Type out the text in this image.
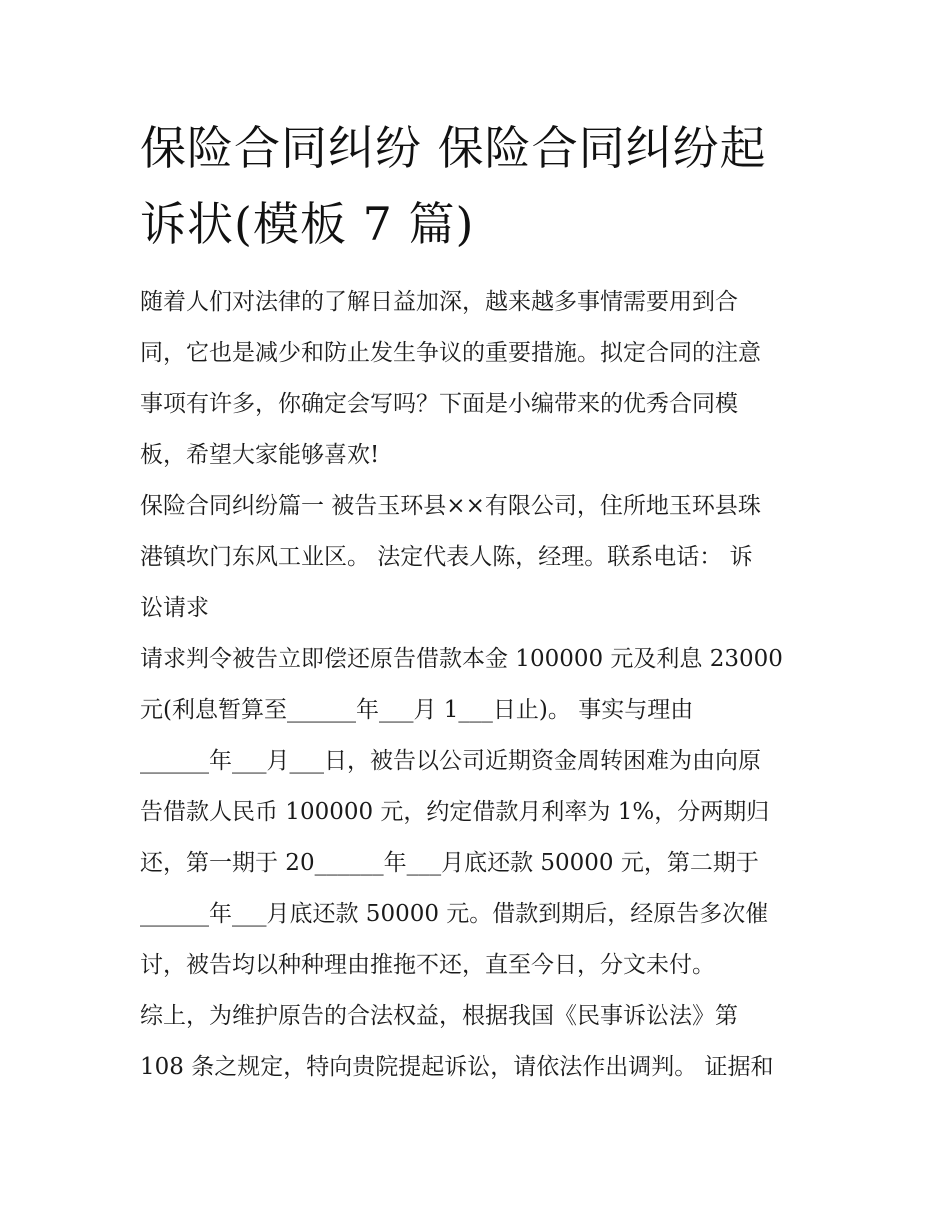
保险合同纠纷 保险合同纠纷起
诉状(模板 7 篇)
随着人们对法律的了解日益加深，越来越多事情需要用到合
同，它也是减少和防止发生争议的重要措施。拟定合同的注意
事项有许多，你确定会写吗？下面是小编带来的优秀合同模
板，希望大家能够喜欢!
保险合同纠纷篇一 被告玉环县××有限公司，住所地玉环县珠
港镇坎门东风工业区。 法定代表人陈，经理。联系电话： 诉
讼请求
请求判令被告立即偿还原告借款本金 100000 元及利息 23000
元(利息暂算至______年___月 1___日止)。 事实与理由
______年___月___日，被告以公司近期资金周转困难为由向原
告借款人民币 100000 元，约定借款月利率为 1%，分两期归
还，第一期于 20______年___月底还款 50000 元，第二期于
______年___月底还款 50000 元。借款到期后，经原告多次催
讨，被告均以种种理由推拖不还，直至今日，分文未付。
综上，为维护原告的合法权益，根据我国《民事诉讼法》第
108 条之规定，特向贵院提起诉讼，请依法作出调判。 证据和
